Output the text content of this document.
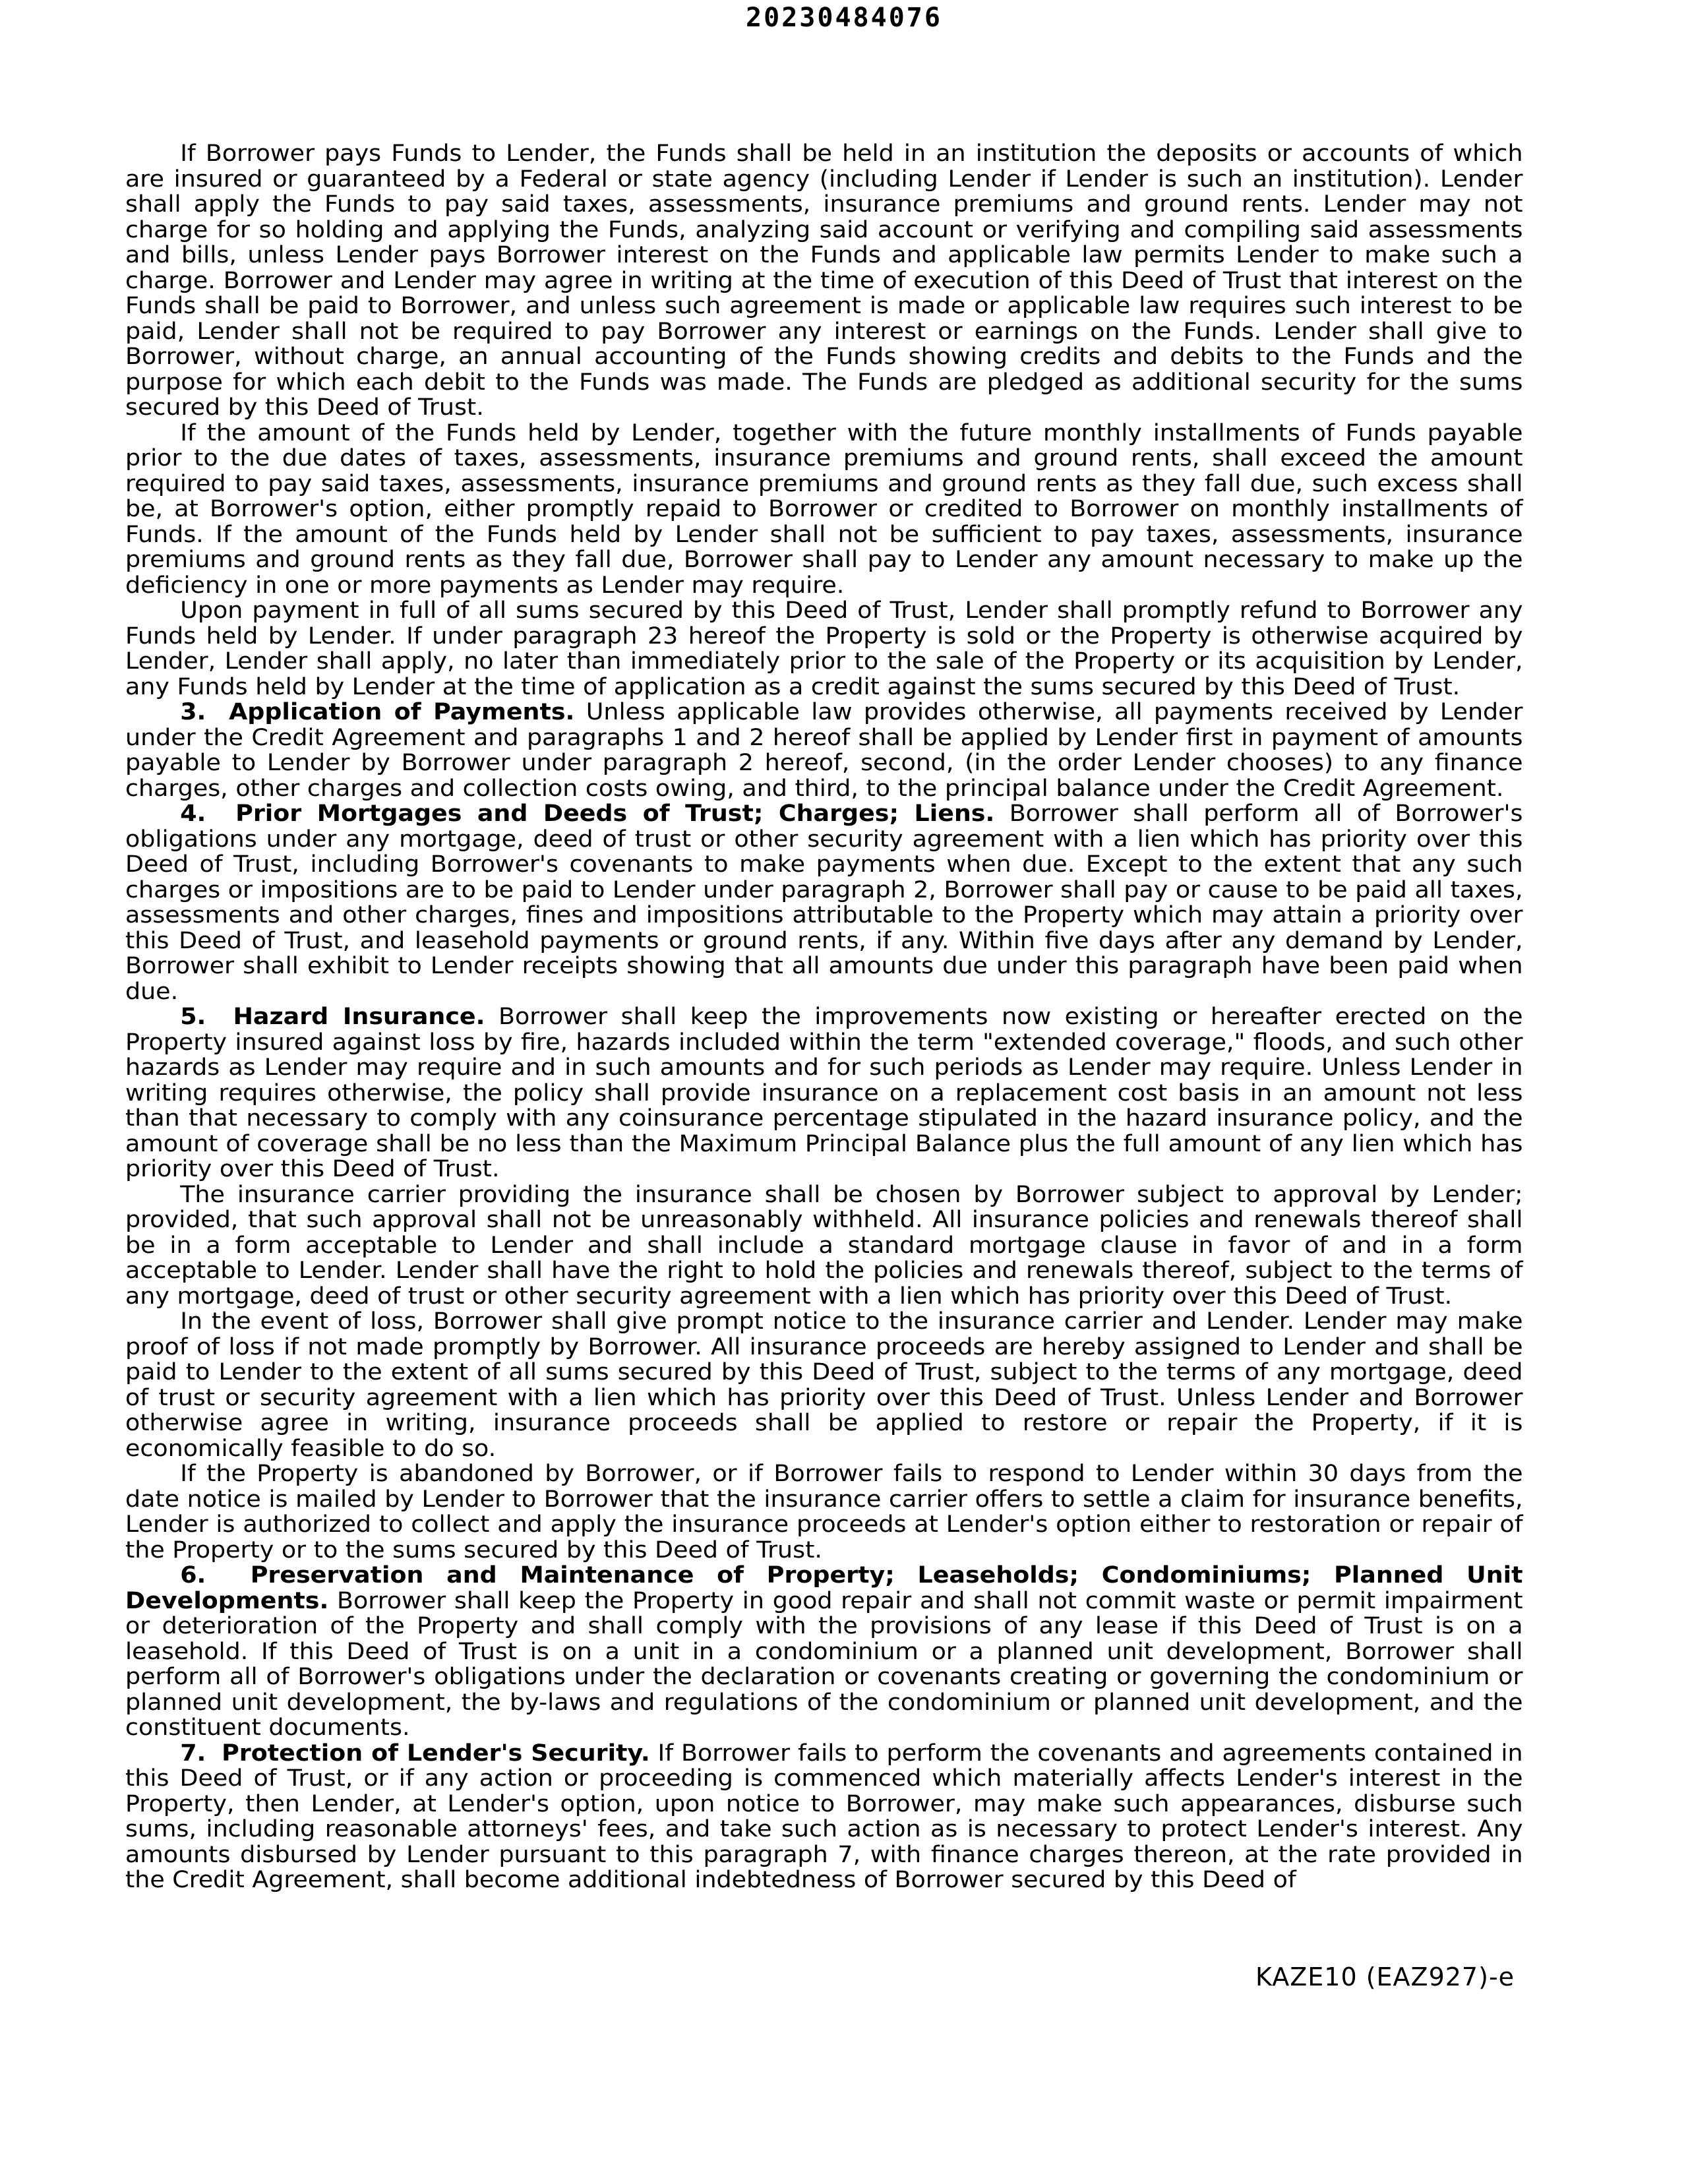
20230484076

If Borrower pays Funds to Lender, the Funds shall be held in an institution the deposits or accounts of which are insured or guaranteed by a Federal or state agency (including Lender if Lender is such an institution). Lender shall apply the Funds to pay said taxes, assessments, insurance premiums and ground rents. Lender may not charge for so holding and applying the Funds, analyzing said account or verifying and compiling said assessments and bills, unless Lender pays Borrower interest on the Funds and applicable law permits Lender to make such a charge. Borrower and Lender may agree in writing at the time of execution of this Deed of Trust that interest on the Funds shall be paid to Borrower, and unless such agreement is made or applicable law requires such interest to be paid, Lender shall not be required to pay Borrower any interest or earnings on the Funds. Lender shall give to Borrower, without charge, an annual accounting of the Funds showing credits and debits to the Funds and the purpose for which each debit to the Funds was made. The Funds are pledged as additional security for the sums secured by this Deed of Trust.

If the amount of the Funds held by Lender, together with the future monthly installments of Funds payable prior to the due dates of taxes, assessments, insurance premiums and ground rents, shall exceed the amount required to pay said taxes, assessments, insurance premiums and ground rents as they fall due, such excess shall be, at Borrower's option, either promptly repaid to Borrower or credited to Borrower on monthly installments of Funds. If the amount of the Funds held by Lender shall not be sufficient to pay taxes, assessments, insurance premiums and ground rents as they fall due, Borrower shall pay to Lender any amount necessary to make up the deficiency in one or more payments as Lender may require.

Upon payment in full of all sums secured by this Deed of Trust, Lender shall promptly refund to Borrower any Funds held by Lender. If under paragraph 23 hereof the Property is sold or the Property is otherwise acquired by Lender, Lender shall apply, no later than immediately prior to the sale of the Property or its acquisition by Lender, any Funds held by Lender at the time of application as a credit against the sums secured by this Deed of Trust.

3. Application of Payments. Unless applicable law provides otherwise, all payments received by Lender under the Credit Agreement and paragraphs 1 and 2 hereof shall be applied by Lender first in payment of amounts payable to Lender by Borrower under paragraph 2 hereof, second, (in the order Lender chooses) to any finance charges, other charges and collection costs owing, and third, to the principal balance under the Credit Agreement.

4. Prior Mortgages and Deeds of Trust; Charges; Liens. Borrower shall perform all of Borrower's obligations under any mortgage, deed of trust or other security agreement with a lien which has priority over this Deed of Trust, including Borrower's covenants to make payments when due. Except to the extent that any such charges or impositions are to be paid to Lender under paragraph 2, Borrower shall pay or cause to be paid all taxes, assessments and other charges, fines and impositions attributable to the Property which may attain a priority over this Deed of Trust, and leasehold payments or ground rents, if any. Within five days after any demand by Lender, Borrower shall exhibit to Lender receipts showing that all amounts due under this paragraph have been paid when due.

5. Hazard Insurance. Borrower shall keep the improvements now existing or hereafter erected on the Property insured against loss by fire, hazards included within the term "extended coverage," floods, and such other hazards as Lender may require and in such amounts and for such periods as Lender may require. Unless Lender in writing requires otherwise, the policy shall provide insurance on a replacement cost basis in an amount not less than that necessary to comply with any coinsurance percentage stipulated in the hazard insurance policy, and the amount of coverage shall be no less than the Maximum Principal Balance plus the full amount of any lien which has priority over this Deed of Trust.

The insurance carrier providing the insurance shall be chosen by Borrower subject to approval by Lender; provided, that such approval shall not be unreasonably withheld. All insurance policies and renewals thereof shall be in a form acceptable to Lender and shall include a standard mortgage clause in favor of and in a form acceptable to Lender. Lender shall have the right to hold the policies and renewals thereof, subject to the terms of any mortgage, deed of trust or other security agreement with a lien which has priority over this Deed of Trust.

In the event of loss, Borrower shall give prompt notice to the insurance carrier and Lender. Lender may make proof of loss if not made promptly by Borrower. All insurance proceeds are hereby assigned to Lender and shall be paid to Lender to the extent of all sums secured by this Deed of Trust, subject to the terms of any mortgage, deed of trust or security agreement with a lien which has priority over this Deed of Trust. Unless Lender and Borrower otherwise agree in writing, insurance proceeds shall be applied to restore or repair the Property, if it is economically feasible to do so.

If the Property is abandoned by Borrower, or if Borrower fails to respond to Lender within 30 days from the date notice is mailed by Lender to Borrower that the insurance carrier offers to settle a claim for insurance benefits, Lender is authorized to collect and apply the insurance proceeds at Lender's option either to restoration or repair of the Property or to the sums secured by this Deed of Trust.

6. Preservation and Maintenance of Property; Leaseholds; Condominiums; Planned Unit Developments. Borrower shall keep the Property in good repair and shall not commit waste or permit impairment or deterioration of the Property and shall comply with the provisions of any lease if this Deed of Trust is on a leasehold. If this Deed of Trust is on a unit in a condominium or a planned unit development, Borrower shall perform all of Borrower's obligations under the declaration or covenants creating or governing the condominium or planned unit development, the by-laws and regulations of the condominium or planned unit development, and the constituent documents.

7. Protection of Lender's Security. If Borrower fails to perform the covenants and agreements contained in this Deed of Trust, or if any action or proceeding is commenced which materially affects Lender's interest in the Property, then Lender, at Lender's option, upon notice to Borrower, may make such appearances, disburse such sums, including reasonable attorneys' fees, and take such action as is necessary to protect Lender's interest. Any amounts disbursed by Lender pursuant to this paragraph 7, with finance charges thereon, at the rate provided in the Credit Agreement, shall become additional indebtedness of Borrower secured by this Deed of

KAZE10 (EAZ927)-e
